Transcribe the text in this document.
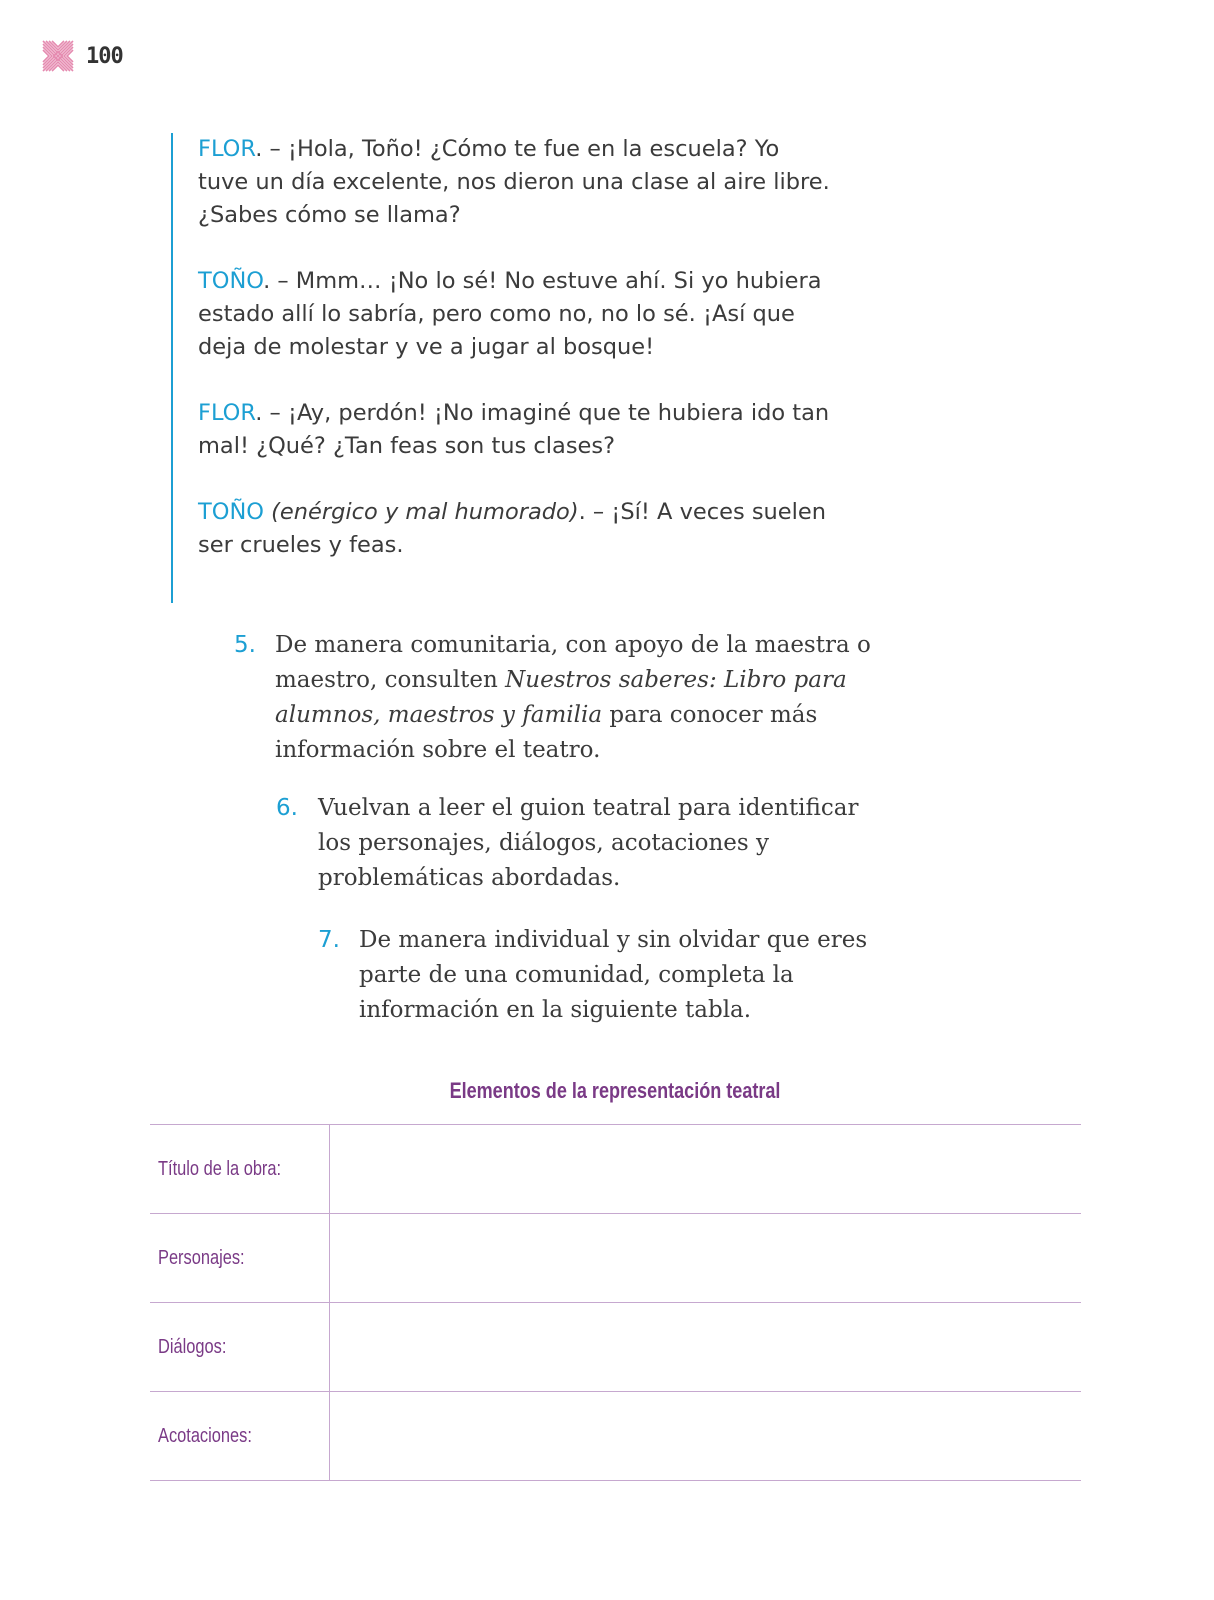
100

FLOR. – ¡Hola, Toño! ¿Cómo te fue en la escuela? Yo tuve un día excelente, nos dieron una clase al aire libre. ¿Sabes cómo se llama?

TOÑO. – Mmm… ¡No lo sé! No estuve ahí. Si yo hubiera estado allí lo sabría, pero como no, no lo sé. ¡Así que deja de molestar y ve a jugar al bosque!

FLOR. – ¡Ay, perdón! ¡No imaginé que te hubiera ido tan mal! ¿Qué? ¿Tan feas son tus clases?

TOÑO (enérgico y mal humorado). – ¡Sí! A veces suelen ser crueles y feas.

5. De manera comunitaria, con apoyo de la maestra o maestro, consulten Nuestros saberes: Libro para alumnos, maestros y familia para conocer más información sobre el teatro.
6. Vuelvan a leer el guion teatral para identificar los personajes, diálogos, acotaciones y problemáticas abordadas.
7. De manera individual y sin olvidar que eres parte de una comunidad, completa la información en la siguiente tabla.
Elementos de la representación teatral
Título de la obra:
Personajes:
Diálogos:
Acotaciones:
